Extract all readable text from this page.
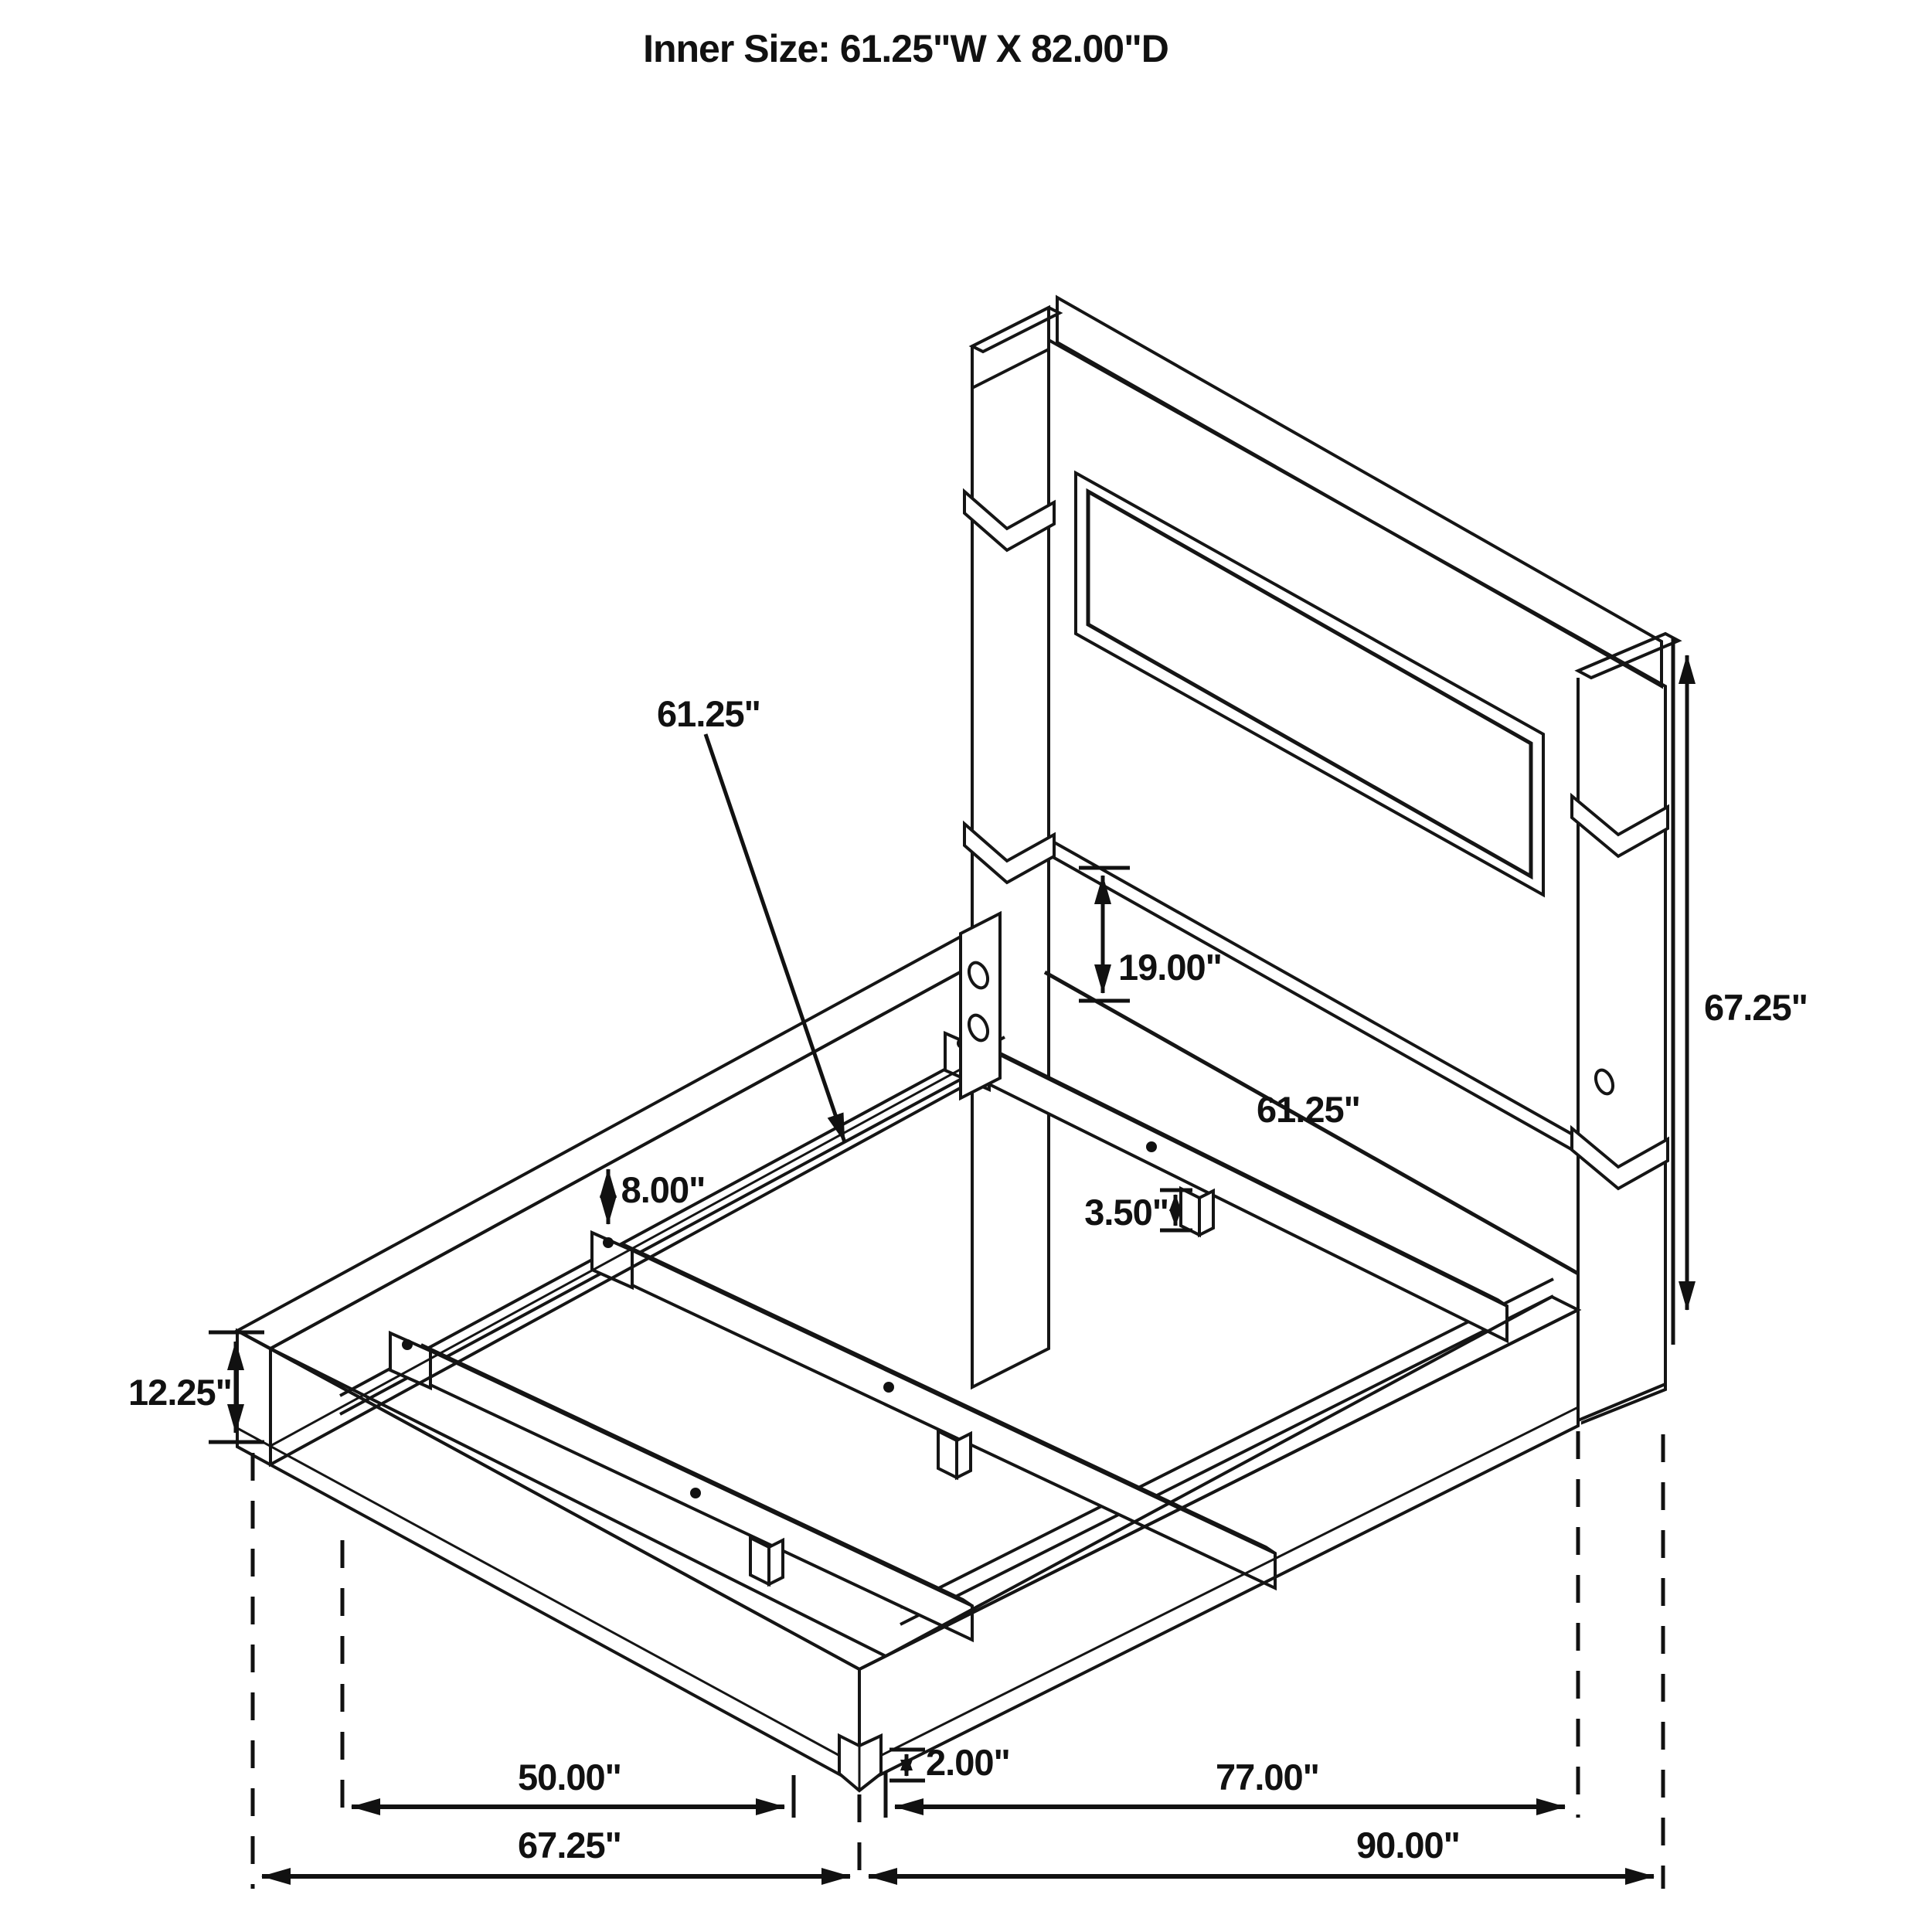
Inner Size: 61.25"W X 82.00"D
61.25"
19.00"
61.25"
3.50"
8.00"
67.25"
12.25"
2.00"
50.00"	77.00"
67.25"	90.00"
